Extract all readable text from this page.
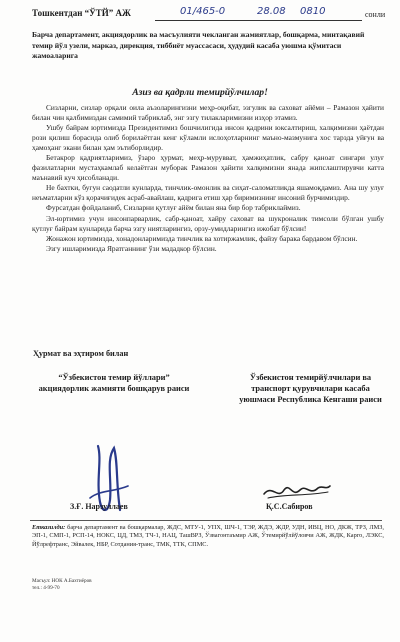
Тошкентдан “ЎТЙ” АЖ	01/465-0	28.08 0810	сонли
Барча департамент, акциядорлик ва масъулияти чекланган жамиятлар, бошқарма, минтақавий темир йўл узели, марказ, дирекция, тиббиёт муассасаси, ҳудудий касаба уюшма қўмитаси жамоаларига
Азиз ва қадрли темирйўлчилар!

Сизларни, сизлар орқали оила аъзоларингизни меҳр-оқибат, эзгулик ва саховат айёми – Рамазон ҳайити билан чин қалбимиздан самимий табриклаб, энг эзгу тилакларимизни изҳор этамиз.

Ушбу байрам юртимизда Президентимиз бошчилигида инсон қадрини юксалтириш, халқимизни ҳаётдан рози қилиш борасида олиб борилаётган кенг кўламли ислоҳотларнинг маъно-мазмунига хос тарзда уйғун ва ҳамоҳанг экани билан ҳам эътиборлидир.

Бетакрор қадриятларимиз, ўзаро ҳурмат, меҳр-мурувват, ҳамжиҳатлик, сабру қаноат сингари улуғ фазилатларни мустаҳкамлаб келаётган муборак Рамазон ҳайити халқимизни янада жипслаштирувчи катта маънавий куч ҳисобланади.

Не бахтки, бугун саодатли кунларда, тинчлик-омонлик ва сиҳат-саломатликда яшамоқдамиз. Ана шу улуғ неъматларни кўз қорачиғидек асраб-авайлаш, қадрига етиш ҳар биримизнинг инсоний бурчимиздир.

Фурсатдан фойдаланиб, Сизларни қутлуғ айём билан яна бир бор табриклаймиз.

Эл-юртимиз учун инсонпарварлик, сабр-қаноат, хайру саховат ва шукроналик тимсоли бўлган ушбу қутлуғ байрам кунларида барча эзгу ниятларингиз, орзу-умидларингиз ижобат бўлсин!

Жонажон юртимизда, хонадонларимизда тинчлик ва хотиржамлик, файзу барака бардавом бўлсин.

Эзгу ишларимизда Яратганнинг ўзи мададкор бўлсин.

Ҳурмат ва эҳтиром билан
“Ўзбекистон темир йўллари” акциядорлик жамияти бошқарув раиси
Ўзбекистон темирйўлчилари ва транспорт қурувчилари касаба уюшмаси Республика Кенгаши раиси
З.Ғ. Нарзуллаев	Қ.С.Сабиров
Етказилди: барча департамент ва бошқармалар, ЖДС, МТУ-1, УПХ, ШЧ-1, ТЭР, ЖДЭ, ЖДР, УДН, ИВЦ, НО, ДКЖ, ТРЗ, ЛМЗ, ЭП-1, СМП-1, РСП-14, НОКС, ЦД, ТМЗ, ТЧ-1, НАЦ, ТашВРЗ, Ўзвагонтаъмир АЖ, Ўтемирйўлйўловчи АЖ, ЖДК, Карго, ЛЭКС, Йўлрефтранс, Эйвалек, НБР, Сотдания-транс, ТМК, ТТК, СПМС.
Масъул: НОК А.Бахтиёров
тел.: 4-99-70
